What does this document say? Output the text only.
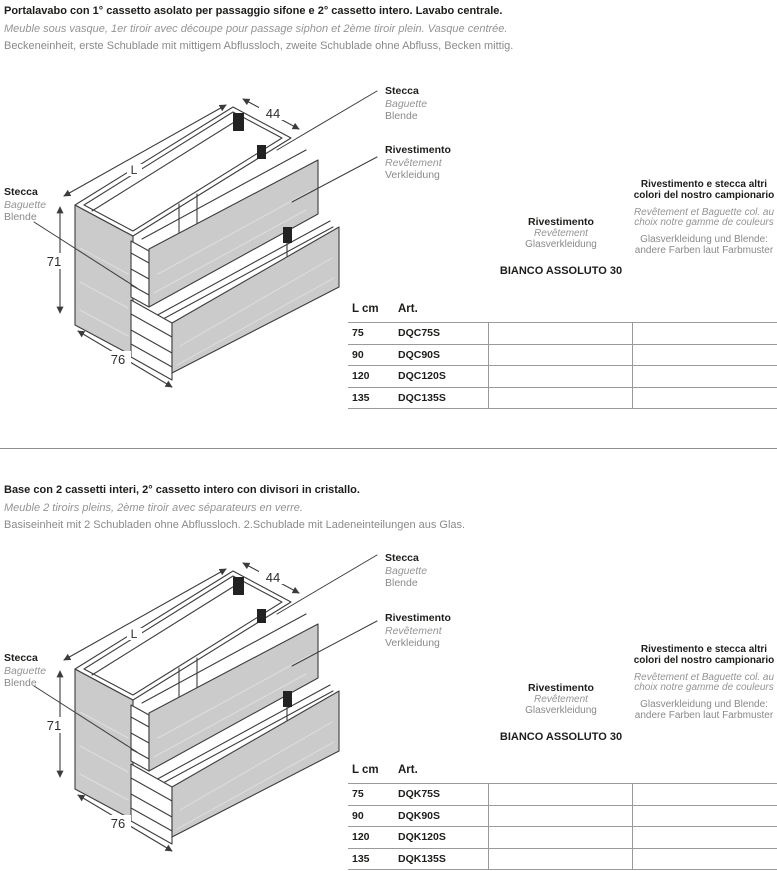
Portalavabo con 1° cassetto asolato per passaggio sifone e 2° cassetto intero. Lavabo centrale.
Meuble sous vasque, 1er tiroir avec découpe pour passage siphon et 2ème tiroir plein. Vasque centrée.
Beckeneinheit, erste Schublade mit mittigem Abflussloch, zweite Schublade ohne Abfluss, Becken mittig.
L
44
71
76
Stecca
Baguette
Blende
Stecca
Baguette
Blende
Rivestimento
Revêtement
Verkleidung
Rivestimento
Revêtement
Glasverkleidung
BIANCO ASSOLUTO 30
Rivestimento e stecca altri colori del nostro campionario
Revêtement et Baguette col. au choix notre gamme de couleurs
Glasverkleidung und Blende: andere Farben laut Farbmuster
L cm Art.
75	DQC75S
90	DQC90S
120	DQC120S
135	DQC135S
Base con 2 cassetti interi, 2° cassetto intero con divisori in cristallo.
Meuble 2 tiroirs pleins, 2ème tiroir avec séparateurs en verre.
Basiseinheit mit 2 Schubladen ohne Abflussloch. 2.Schublade mit Ladeneinteilungen aus Glas.
L
44
71
76
Stecca
Baguette
Blende
Stecca
Baguette
Blende
Rivestimento
Revêtement
Verkleidung
Rivestimento
Revêtement
Glasverkleidung
BIANCO ASSOLUTO 30
Rivestimento e stecca altri colori del nostro campionario
Revêtement et Baguette col. au choix notre gamme de couleurs
Glasverkleidung und Blende: andere Farben laut Farbmuster
L cm Art.
75	DQK75S
90	DQK90S
120	DQK120S
135	DQK135S
